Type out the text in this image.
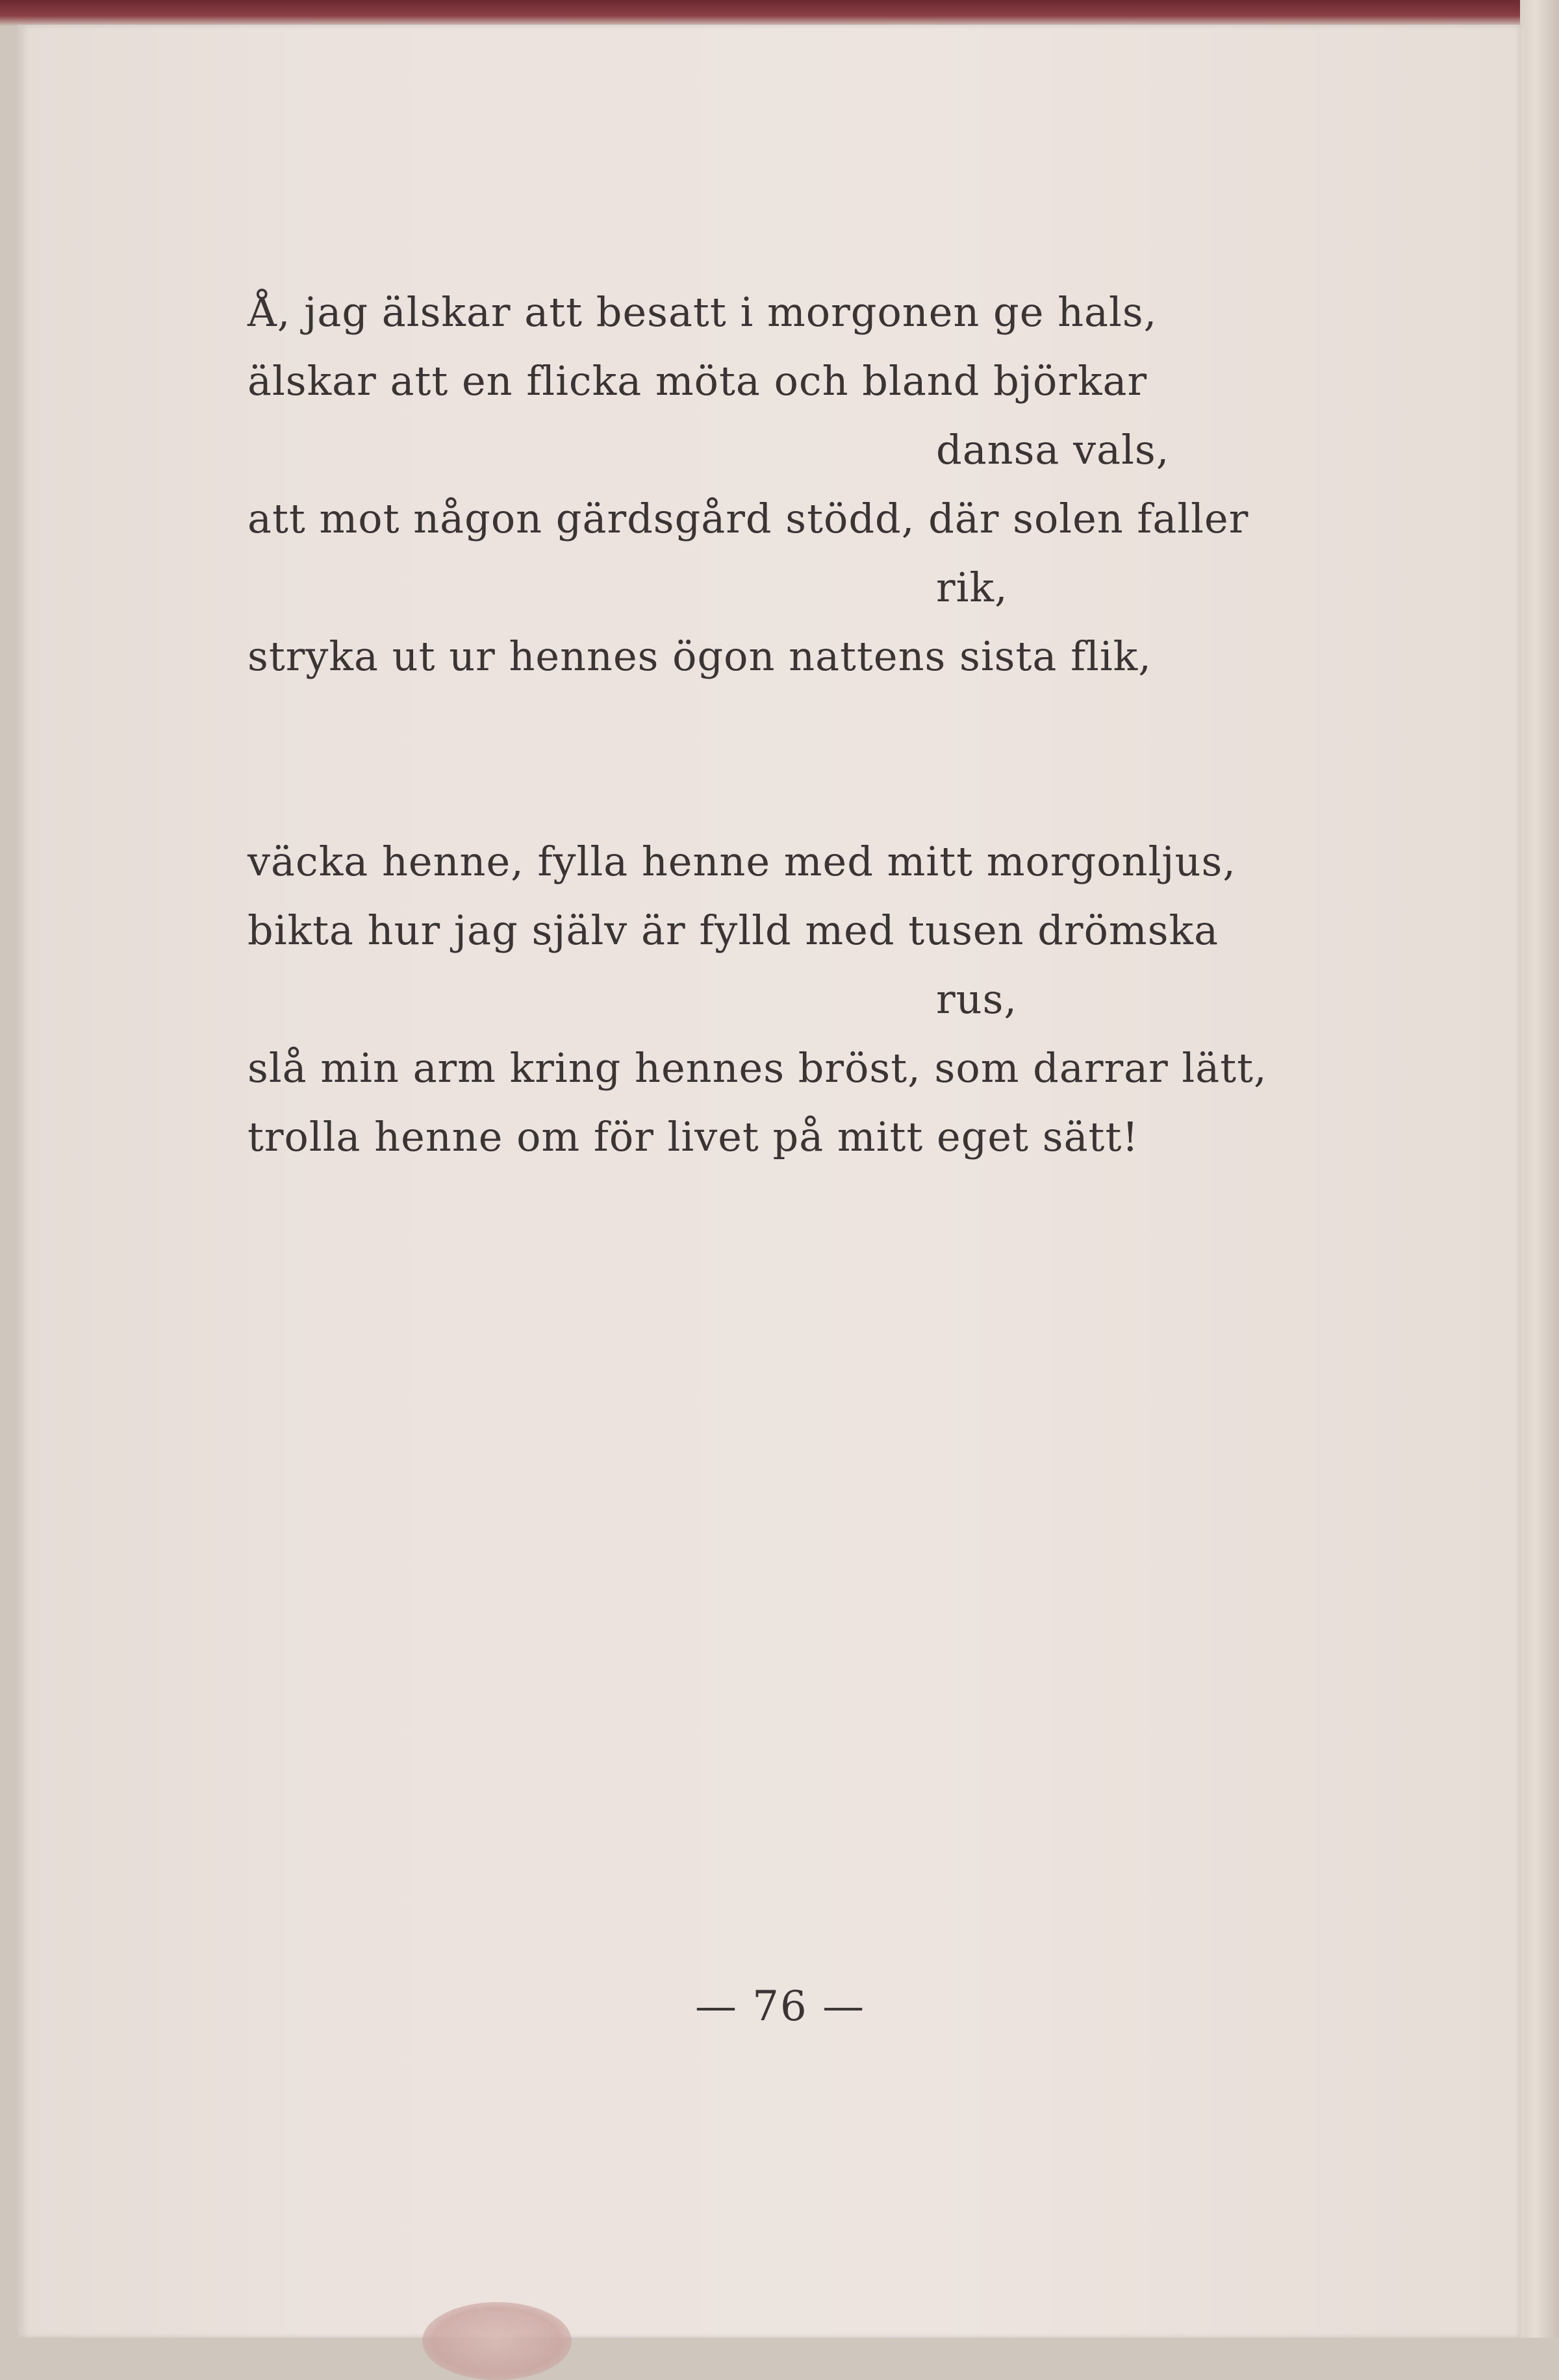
Å, jag älskar att besatt i morgonen ge hals,
älskar att en flicka möta och bland björkar
dansa vals,
att mot någon gärdsgård stödd, där solen faller
rik,
stryka ut ur hennes ögon nattens sista flik,
väcka henne, fylla henne med mitt morgonljus,
bikta hur jag själv är fylld med tusen drömska
rus,
slå min arm kring hennes bröst, som darrar lätt,
trolla henne om för livet på mitt eget sätt!
— 76 —
